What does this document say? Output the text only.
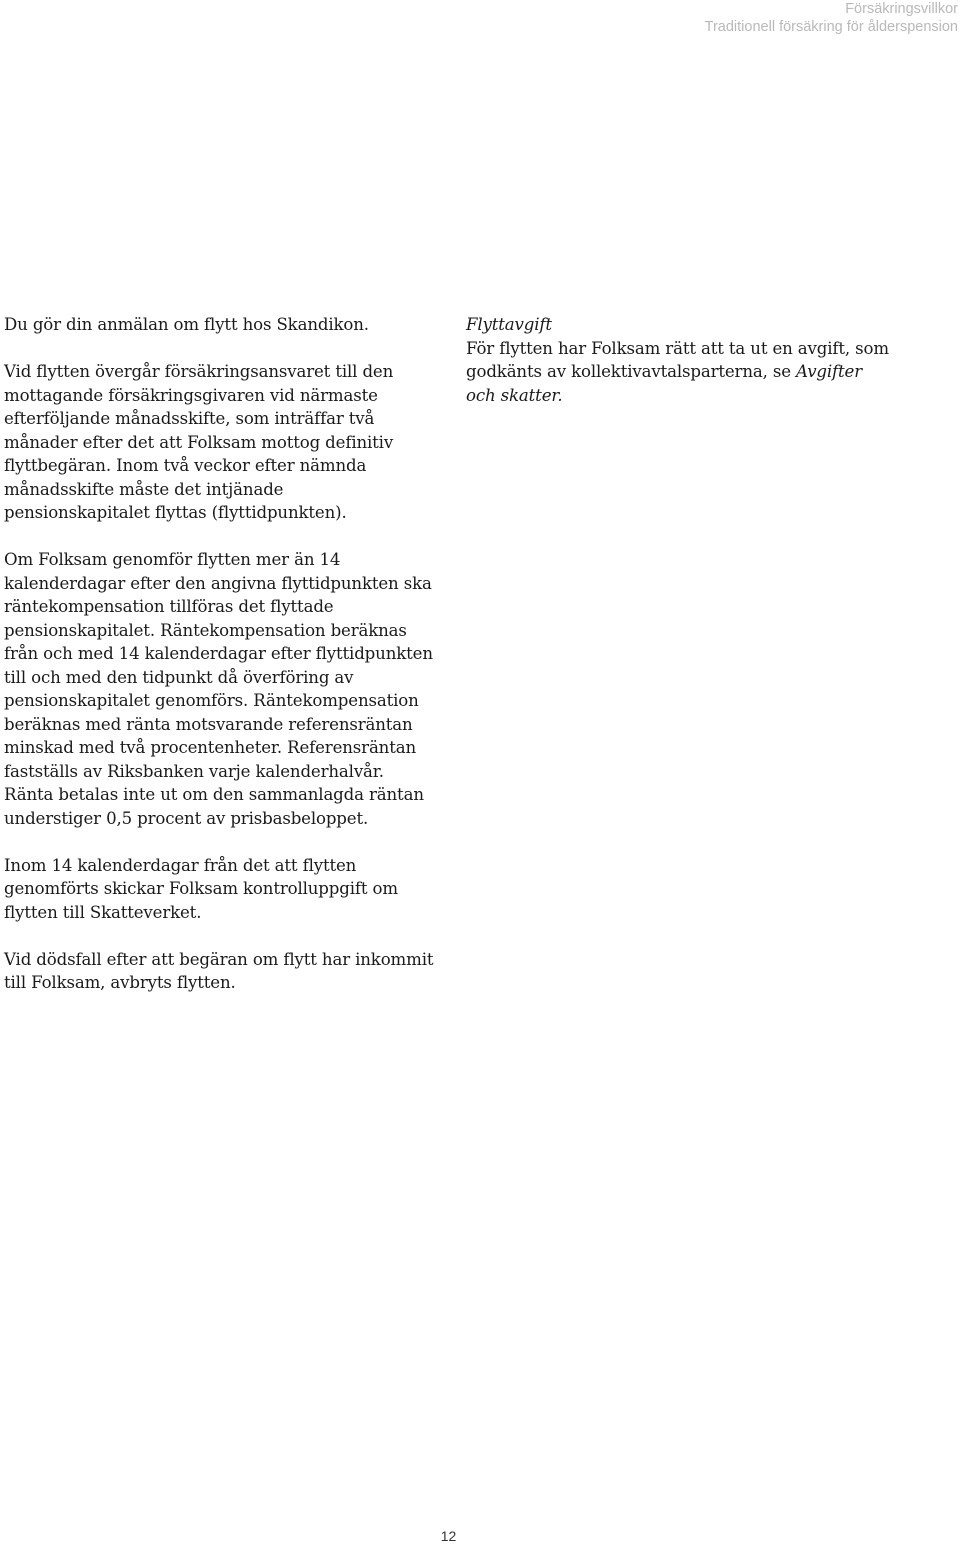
Försäkringsvillkor
Traditionell försäkring för ålderspension

Du gör din anmälan om flytt hos Skandikon.

Vid flytten övergår försäkringsansvaret till den mottagande försäkringsgivaren vid närmaste efterföljande månadsskifte, som inträffar två månader efter det att Folksam mottog definitiv flyttbegäran. Inom två veckor efter nämnda månadsskifte måste det intjänade pensionskapitalet flyttas (flyttidpunkten).

Om Folksam genomför flytten mer än 14 kalenderdagar efter den angivna flyttidpunkten ska räntekompensation tillföras det flyttade pensionskapitalet. Räntekompensation beräknas från och med 14 kalenderdagar efter flyttidpunkten till och med den tidpunkt då överföring av pensionskapitalet genomförs. Räntekompensation beräknas med ränta motsvarande referensräntan minskad med två procentenheter. Referensräntan fastställs av Riksbanken varje kalenderhalvår. Ränta betalas inte ut om den sammanlagda räntan understiger 0,5 procent av prisbasbeloppet.

Inom 14 kalenderdagar från det att flytten genomförts skickar Folksam kontrolluppgift om flytten till Skatteverket.

Vid dödsfall efter att begäran om flytt har inkommit till Folksam, avbryts flytten.

Flyttavgift

För flytten har Folksam rätt att ta ut en avgift, som godkänts av kollektivavtalsparterna, se Avgifter och skatter.

12
